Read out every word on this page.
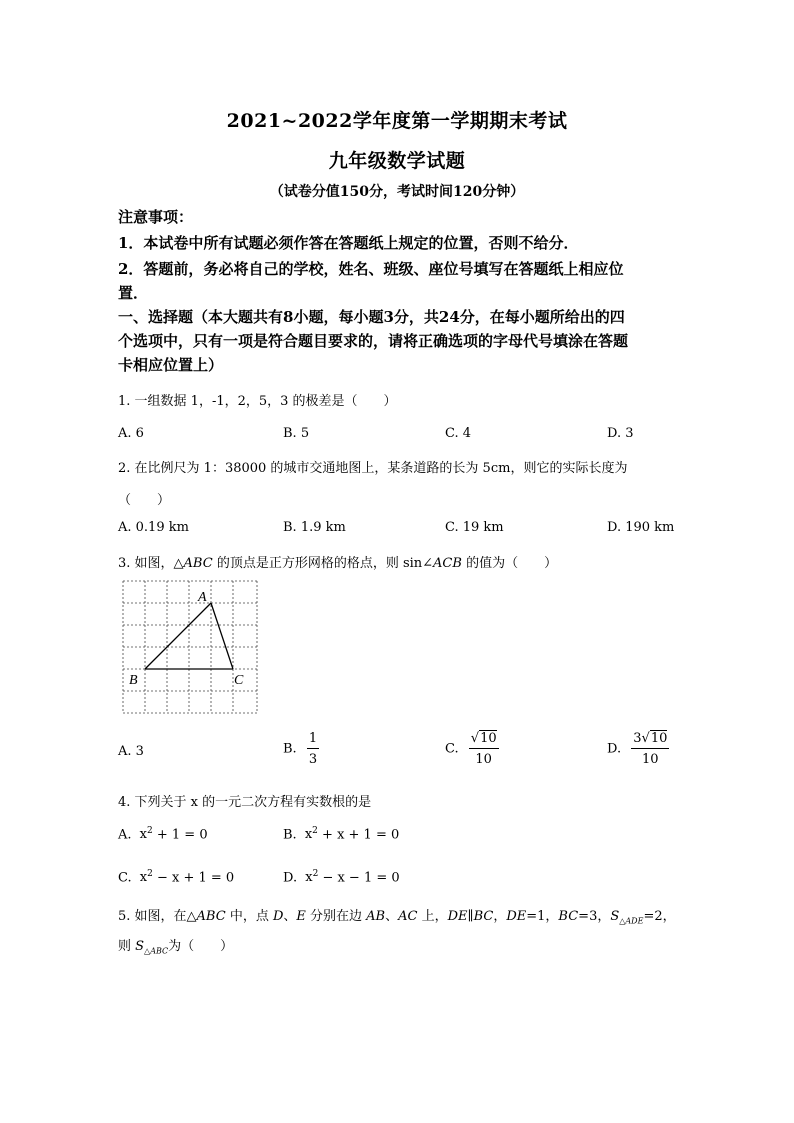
2021~2022学年度第一学期期末考试
九年级数学试题
（试卷分值150分，考试时间120分钟）
注意事项：
1．本试卷中所有试题必须作答在答题纸上规定的位置，否则不给分．
2．答题前，务必将自己的学校，姓名、班级、座位号填写在答题纸上相应位
置．
一、选择题（本大题共有8小题，每小题3分，共24分，在每小题所给出的四
个选项中，只有一项是符合题目要求的，请将正确选项的字母代号填涂在答题
卡相应位置上）
1. 一组数据 1，-1，2，5，3 的极差是（　　）
A. 6	B. 5	C. 4	D. 3
2. 在比例尺为 1：38000 的城市交通地图上，某条道路的长为 5cm，则它的实际长度为
（　　）
A. 0.19 km	B. 1.9 km	C. 19 km	D. 190 km
3. 如图，△ABC 的顶点是正方形网格的格点，则 sin∠ACB 的值为（　　）
A
B	C
A. 3	B. $\frac{1}{3}$	C. $\frac{√10}{10}$	D. $\frac{3√10}{10}$
4. 下列关于 x 的一元二次方程有实数根的是
A. $x^2 + 1 = 0$	B. $x^2 + x + 1 = 0$
C. $x^2 - x + 1 = 0$	D. $x^2 - x - 1 = 0$
5. 如图，在△ABC 中，点 D、E 分别在边 AB、AC 上，DE∥BC，DE=1，BC=3，$S_{\triangle ADE}=2$，
则 $S_{\triangle ABC}$为（　　）
